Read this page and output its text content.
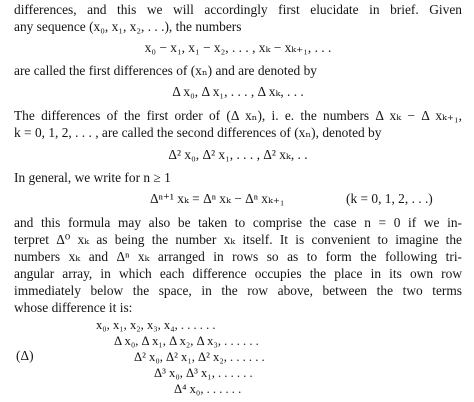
differences, and this we will accordingly first elucidate in brief. Given
any sequence (x₀, x₁, x₂, . . .), the numbers
x₀ − x₁, x₁ − x₂, . . . , xₖ − xₖ₊₁, . . .
are called the first differences of (xₙ) and are denoted by
Δ x₀, Δ x₁, . . . , Δ xₖ, . . .
The differences of the first order of (Δ xₙ), i. e. the numbers Δ xₖ − Δ xₖ₊₁,
k = 0, 1, 2, . . . , are called the second differences of (xₙ), denoted by
Δ² x₀, Δ² x₁, . . . , Δ² xₖ, . .
In general, we write for n ≥ 1
Δⁿ⁺¹ xₖ = Δⁿ xₖ − Δⁿ xₖ₊₁	(k = 0, 1, 2, . . .)
and this formula may also be taken to comprise the case n = 0 if we in-
terpret Δ⁰ xₖ as being the number xₖ itself. It is convenient to imagine the
numbers xₖ and Δⁿ xₖ arranged in rows so as to form the following tri-
angular array, in which each difference occupies the place in its own row
immediately below the space, in the row above, between the two terms
whose difference it is:
(Δ)
x₀, x₁, x₂, x₃, x₄, . . . . . .
Δ x₀, Δ x₁, Δ x₂, Δ x₃, . . . . . .
Δ² x₀, Δ² x₁, Δ² x₂, . . . . . .
Δ³ x₀, Δ³ x₁, . . . . . .
Δ⁴ x₀, . . . . . .
